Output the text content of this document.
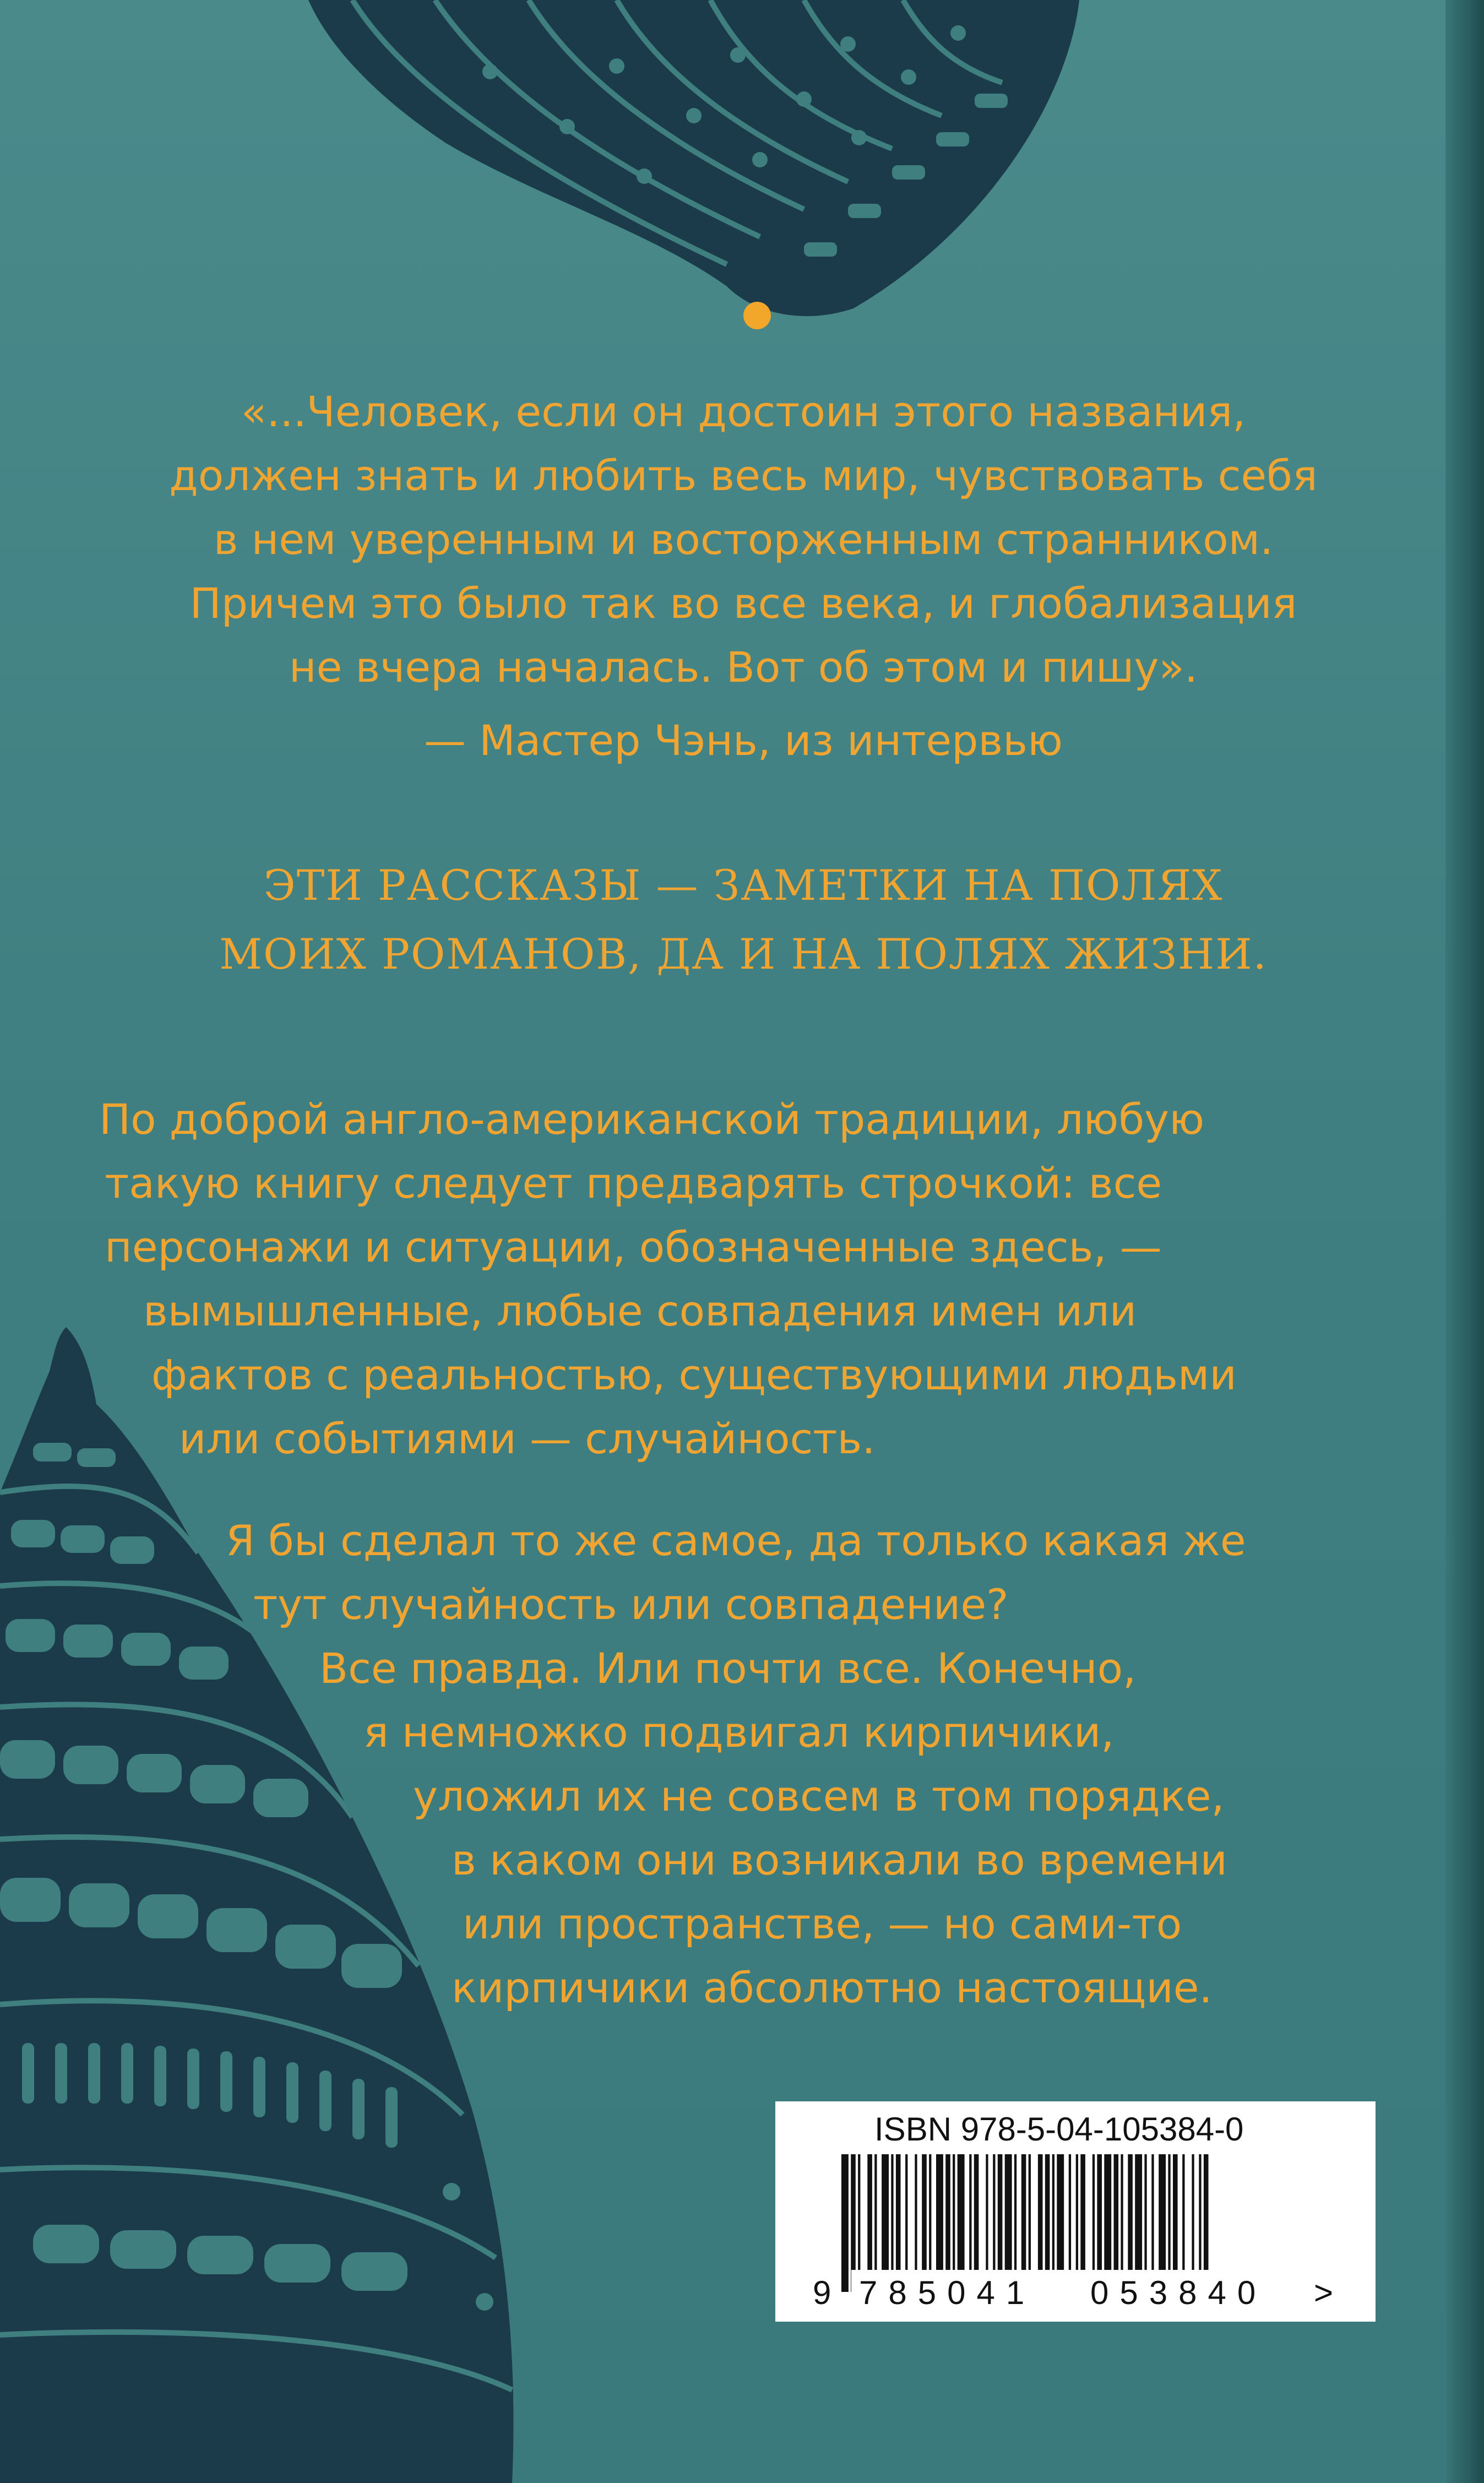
«...Человек, если он достоин этого названия,
должен знать и любить весь мир, чувствовать себя
в нем уверенным и восторженным странником.
Причем это было так во все века, и глобализация
не вчера началась. Вот об этом и пишу».
— Мастер Чэнь, из интервью
ЭТИ РАССКАЗЫ — ЗАМЕТКИ НА ПОЛЯХ
МОИХ РОМАНОВ, ДА И НА ПОЛЯХ ЖИЗНИ.
По доброй англо-американской традиции, любую
такую книгу следует предварять строчкой: все
персонажи и ситуации, обозначенные здесь, —
вымышленные, любые совпадения имен или
фактов с реальностью, существующими людьми
или событиями — случайность.
Я бы сделал то же самое, да только какая же
тут случайность или совпадение?
Все правда. Или почти все. Конечно,
я немножко подвигал кирпичики,
уложил их не совсем в том порядке,
в каком они возникали во времени
или пространстве, — но сами-то
кирпичики абсолютно настоящие.
ISBN 978-5-04-105384-0
9 785041 053840 >
